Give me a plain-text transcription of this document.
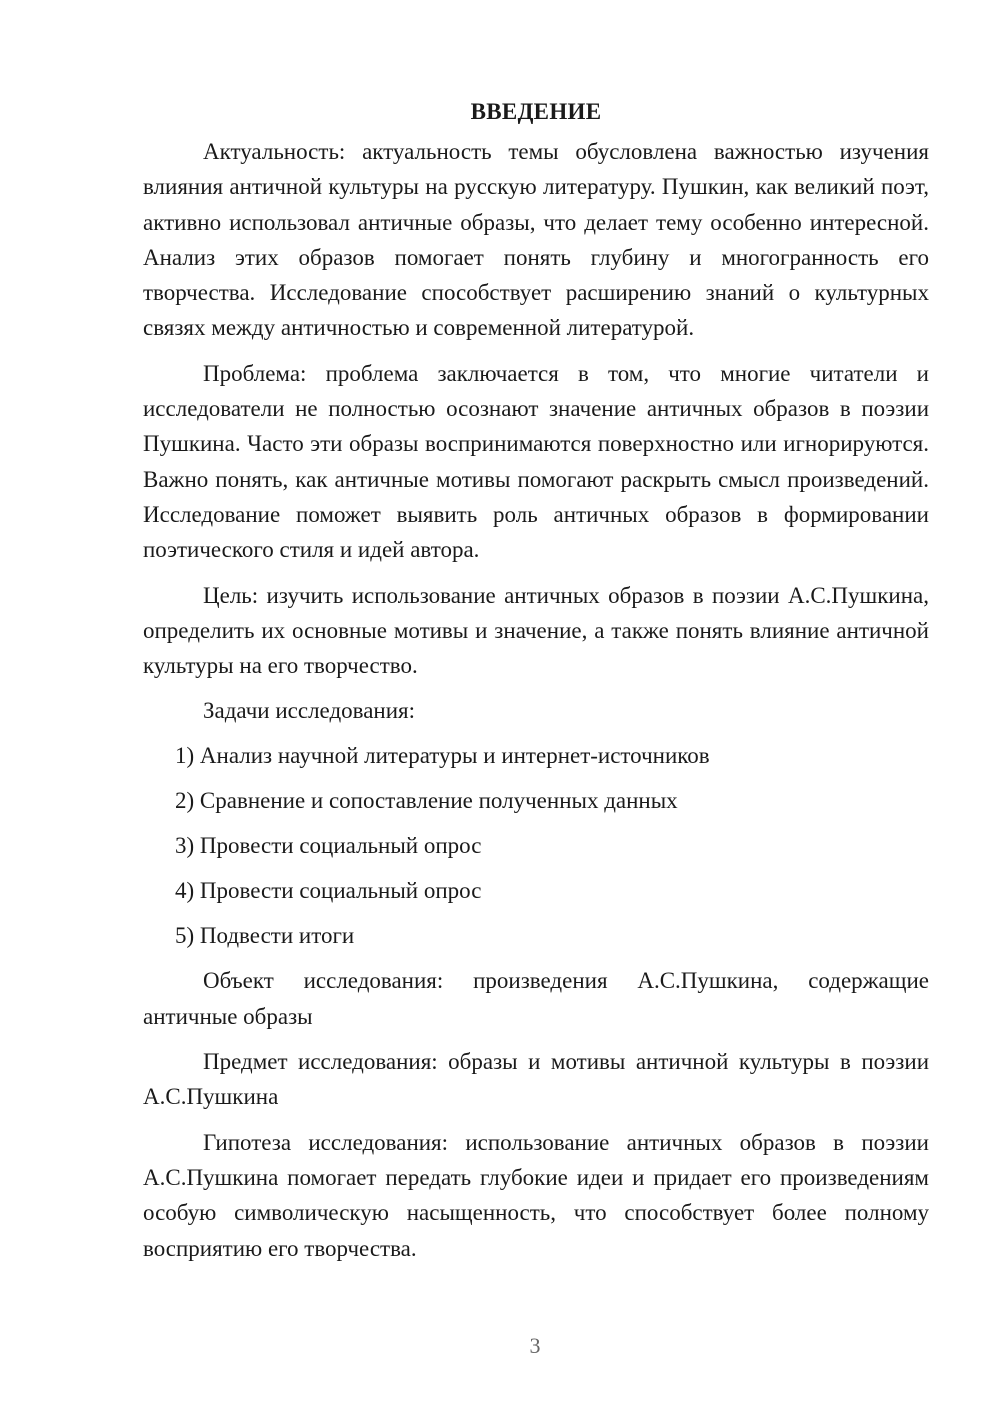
ВВЕДЕНИЕ

Актуальность: актуальность темы обусловлена важностью изучения влияния античной культуры на русскую литературу. Пушкин, как великий поэт, активно использовал античные образы, что делает тему особенно интересной. Анализ этих образов помогает понять глубину и многогранность его творчества. Исследование способствует расширению знаний о культурных связях между античностью и современной литературой.

Проблема: проблема заключается в том, что многие читатели и исследователи не полностью осознают значение античных образов в поэзии Пушкина. Часто эти образы воспринимаются поверхностно или игнорируются. Важно понять, как античные мотивы помогают раскрыть смысл произведений. Исследование поможет выявить роль античных образов в формировании поэтического стиля и идей автора.

Цель: изучить использование античных образов в поэзии А.С.Пушкина, определить их основные мотивы и значение, а также понять влияние античной культуры на его творчество.

Задачи исследования:
1) Анализ научной литературы и интернет-источников
2) Сравнение и сопоставление полученных данных
3) Провести социальный опрос
4) Провести социальный опрос
5) Подвести итоги

Объект исследования: произведения А.С.Пушкина, содержащие античные образы

Предмет исследования: образы и мотивы античной культуры в поэзии А.С.Пушкина

Гипотеза исследования: использование античных образов в поэзии А.С.Пушкина помогает передать глубокие идеи и придает его произведениям особую символическую насыщенность, что способствует более полному восприятию его творчества.

3
